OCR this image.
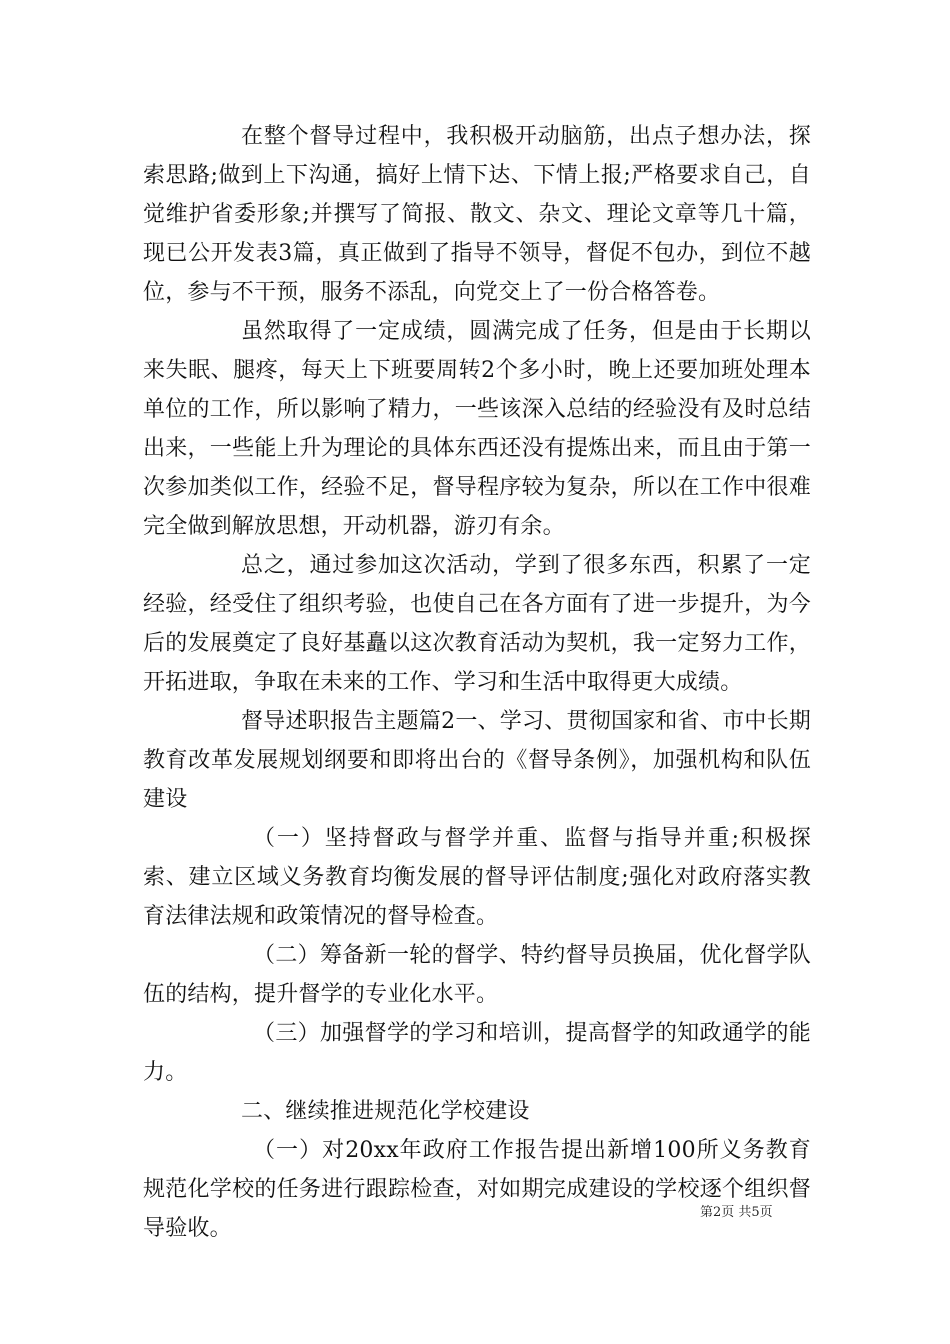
在整个督导过程中，我积极开动脑筋，出点子想办法，探索思路;做到上下沟通，搞好上情下达、下情上报;严格要求自己，自觉维护省委形象;并撰写了简报、散文、杂文、理论文章等几十篇，现已公开发表3篇，真正做到了指导不领导，督促不包办，到位不越位，参与不干预，服务不添乱，向党交上了一份合格答卷。

虽然取得了一定成绩，圆满完成了任务，但是由于长期以来失眠、腿疼，每天上下班要周转2个多小时，晚上还要加班处理本单位的工作，所以影响了精力，一些该深入总结的经验没有及时总结出来，一些能上升为理论的具体东西还没有提炼出来，而且由于第一次参加类似工作，经验不足，督导程序较为复杂，所以在工作中很难完全做到解放思想，开动机器，游刃有余。

总之，通过参加这次活动，学到了很多东西，积累了一定经验，经受住了组织考验，也使自己在各方面有了进一步提升，为今后的发展奠定了良好基矗以这次教育活动为契机，我一定努力工作，开拓进取，争取在未来的工作、学习和生活中取得更大成绩。

督导述职报告主题篇2一、学习、贯彻国家和省、市中长期教育改革发展规划纲要和即将出台的《督导条例》，加强机构和队伍建设

（一）坚持督政与督学并重、监督与指导并重;积极探索、建立区域义务教育均衡发展的督导评估制度;强化对政府落实教育法律法规和政策情况的督导检查。

（二）筹备新一轮的督学、特约督导员换届，优化督学队伍的结构，提升督学的专业化水平。

（三）加强督学的学习和培训，提高督学的知政通学的能力。

二、继续推进规范化学校建设

（一）对20xx年政府工作报告提出新增100所义务教育规范化学校的任务进行跟踪检查，对如期完成建设的学校逐个组织督导验收。

第2页 共5页
